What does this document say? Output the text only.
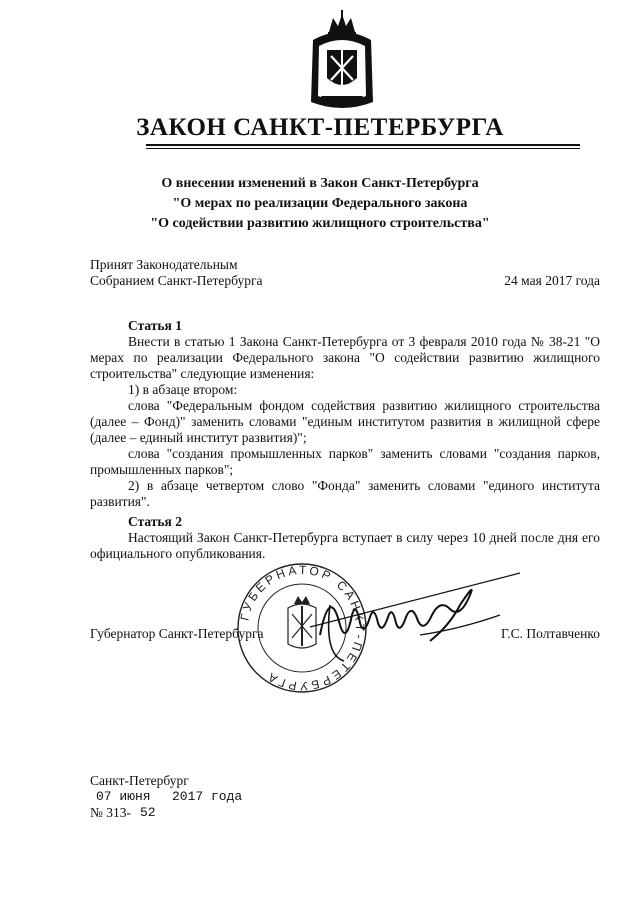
ЗАКОН САНКТ-ПЕТЕРБУРГА
О внесении изменений в Закон Санкт-Петербурга
"О мерах по реализации Федерального закона
"О содействии развитию жилищного строительства"
Принят Законодательным
Собранием Санкт-Петербурга	24 мая 2017 года
Статья 1
Внести в статью 1 Закона Санкт-Петербурга от 3 февраля 2010 года № 38-21 "О мерах по реализации Федерального закона "О содействии развитию жилищного строительства" следующие изменения:
1) в абзаце втором:
слова "Федеральным фондом содействия развитию жилищного строительства (далее – Фонд)" заменить словами "единым институтом развития в жилищной сфере (далее – единый институт развития)";
слова "создания промышленных парков" заменить словами "создания парков, промышленных парков";
2) в абзаце четвертом слово "Фонда" заменить словами "единого института развития".
Статья 2
Настоящий Закон Санкт-Петербурга вступает в силу через 10 дней после дня его официального опубликования.
ГУБЕРНАТОР САНКТ-ПЕТЕРБУРГА
Губернатор Санкт-Петербурга	Г.С. Полтавченко
Санкт-Петербург
07 июня 2017 года
№ 313- 52
